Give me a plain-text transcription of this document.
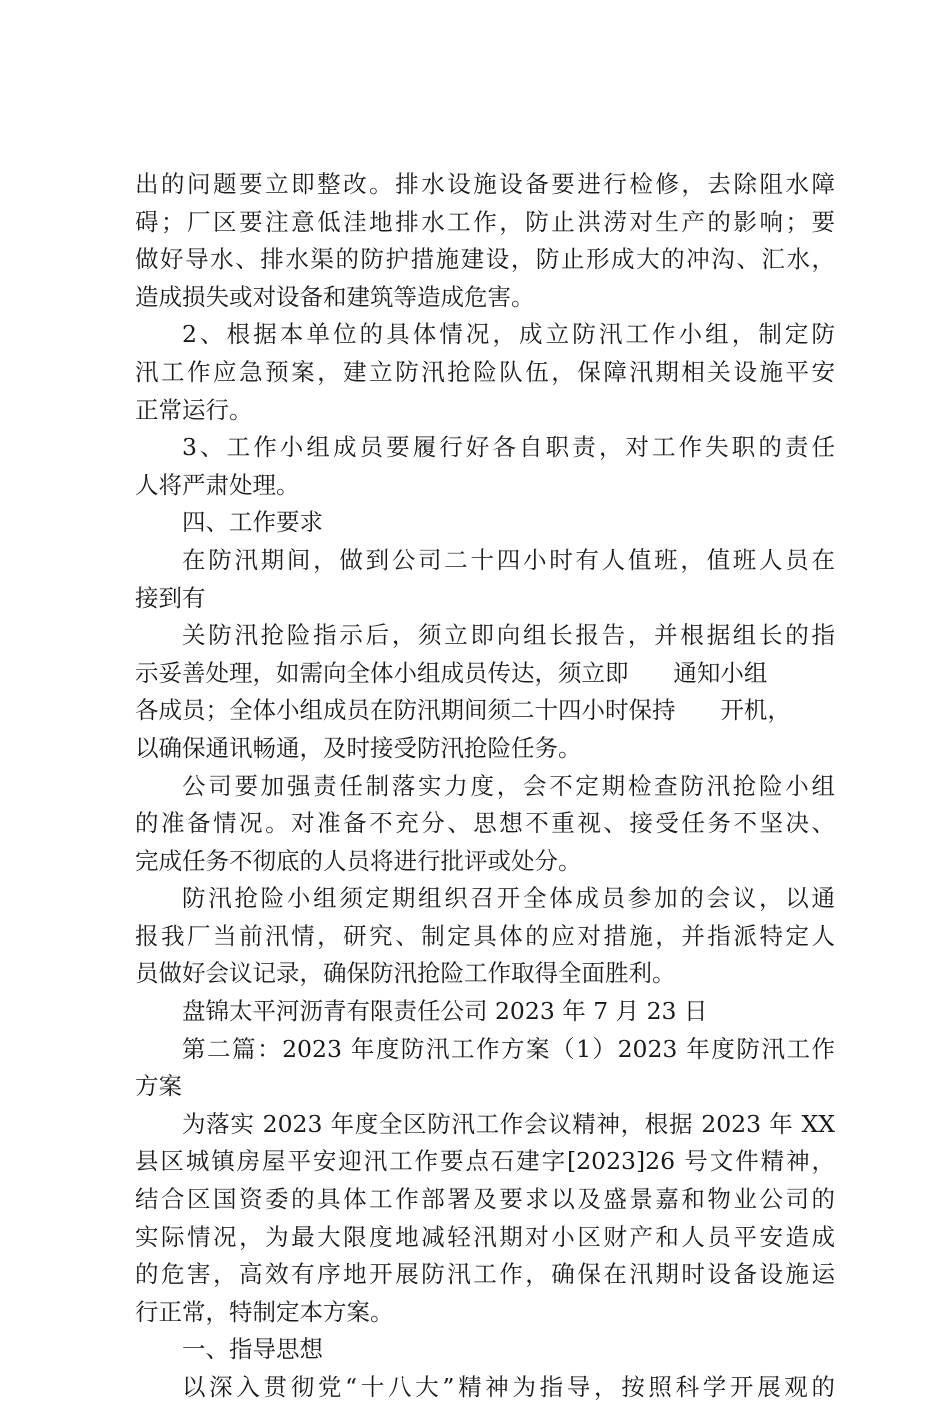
出的问题要立即整改。排水设施设备要进行检修，去除阻水障
碍；厂区要注意低洼地排水工作，防止洪涝对生产的影响；要
做好导水、排水渠的防护措施建设，防止形成大的冲沟、汇水，
造成损失或对设备和建筑等造成危害。
2、根据本单位的具体情况，成立防汛工作小组，制定防
汛工作应急预案，建立防汛抢险队伍，保障汛期相关设施平安
正常运行。
3、工作小组成员要履行好各自职责，对工作失职的责任
人将严肃处理。
四、工作要求
在防汛期间，做到公司二十四小时有人值班，值班人员在
接到有
关防汛抢险指示后，须立即向组长报告，并根据组长的指
示妥善处理，如需向全体小组成员传达，须立即      通知小组
各成员；全体小组成员在防汛期间须二十四小时保持      开机，
以确保通讯畅通，及时接受防汛抢险任务。
公司要加强责任制落实力度，会不定期检查防汛抢险小组
的准备情况。对准备不充分、思想不重视、接受任务不坚决、
完成任务不彻底的人员将进行批评或处分。
防汛抢险小组须定期组织召开全体成员参加的会议，以通
报我厂当前汛情，研究、制定具体的应对措施，并指派特定人
员做好会议记录，确保防汛抢险工作取得全面胜利。
盘锦太平河沥青有限责任公司 2023 年 7 月 23 日
第二篇：2023 年度防汛工作方案（1）2023 年度防汛工作
方案
为落实 2023 年度全区防汛工作会议精神，根据 2023 年 XX
县区城镇房屋平安迎汛工作要点石建字[2023]26 号文件精神，
结合区国资委的具体工作部署及要求以及盛景嘉和物业公司的
实际情况，为最大限度地减轻汛期对小区财产和人员平安造成
的危害，高效有序地开展防汛工作，确保在汛期时设备设施运
行正常，特制定本方案。
一、指导思想
以深入贯彻党“十八大”精神为指导，按照科学开展观的
